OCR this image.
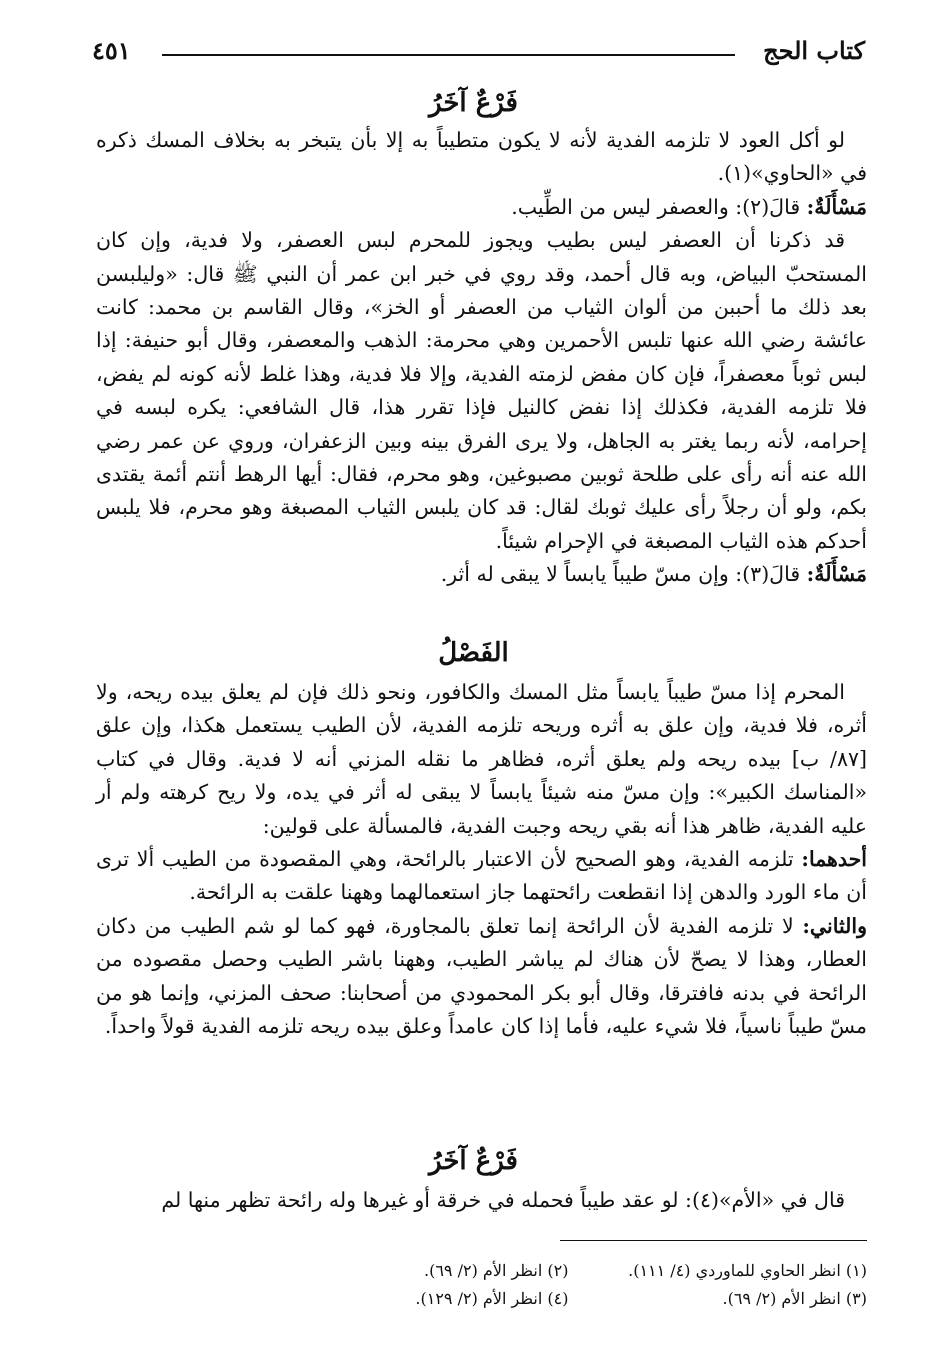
كتاب الحج
٤٥١
فَرْعٌ آخَرُ

لو أكل العود لا تلزمه الفدية لأنه لا يكون متطيباً به إلا بأن يتبخر به بخلاف المسك ذكره في «الحاوي»(١).

مَسْأَلَةٌ: قالَ(٢): والعصفر ليس من الطِّيب.

قد ذكرنا أن العصفر ليس بطيب ويجوز للمحرم لبس العصفر، ولا فدية، وإن كان المستحبّ البياض، وبه قال أحمد، وقد روي في خبر ابن عمر أن النبي ﷺ قال: «وليلبسن بعد ذلك ما أحببن من ألوان الثياب من العصفر أو الخز»، وقال القاسم بن محمد: كانت عائشة رضي الله عنها تلبس الأحمرين وهي محرمة: الذهب والمعصفر، وقال أبو حنيفة: إذا لبس ثوباً معصفراً، فإن كان مفض لزمته الفدية، وإلا فلا فدية، وهذا غلط لأنه كونه لم يفض، فلا تلزمه الفدية، فكذلك إذا نفض كالنيل فإذا تقرر هذا، قال الشافعي: يكره لبسه في إحرامه، لأنه ربما يغتر به الجاهل، ولا يرى الفرق بينه وبين الزعفران، وروي عن عمر رضي الله عنه أنه رأى على طلحة ثوبين مصبوغين، وهو محرم، فقال: أيها الرهط أنتم أئمة يقتدى بكم، ولو أن رجلاً رأى عليك ثوبك لقال: قد كان يلبس الثياب المصبغة وهو محرم، فلا يلبس أحدكم هذه الثياب المصبغة في الإحرام شيئاً.

مَسْأَلَةٌ: قالَ(٣): وإن مسّ طيباً يابساً لا يبقى له أثر.

الفَصْلُ

المحرم إذا مسّ طيباً يابساً مثل المسك والكافور، ونحو ذلك فإن لم يعلق بيده ريحه، ولا أثره، فلا فدية، وإن علق به أثره وريحه تلزمه الفدية، لأن الطيب يستعمل هكذا، وإن علق [٨٧/ ب] بيده ريحه ولم يعلق أثره، فظاهر ما نقله المزني أنه لا فدية. وقال في كتاب «المناسك الكبير»: وإن مسّ منه شيئاً يابساً لا يبقى له أثر في يده، ولا ريح كرهته ولم أر عليه الفدية، ظاهر هذا أنه بقي ريحه وجبت الفدية، فالمسألة على قولين:

أحدهما: تلزمه الفدية، وهو الصحيح لأن الاعتبار بالرائحة، وهي المقصودة من الطيب ألا ترى أن ماء الورد والدهن إذا انقطعت رائحتهما جاز استعمالهما وههنا علقت به الرائحة.

والثاني: لا تلزمه الفدية لأن الرائحة إنما تعلق بالمجاورة، فهو كما لو شم الطيب من دكان العطار، وهذا لا يصحّ لأن هناك لم يباشر الطيب، وههنا باشر الطيب وحصل مقصوده من الرائحة في بدنه فافترقا، وقال أبو بكر المحمودي من أصحابنا: صحف المزني، وإنما هو من مسّ طيباً ناسياً، فلا شيء عليه، فأما إذا كان عامداً وعلق بيده ريحه تلزمه الفدية قولاً واحداً.

فَرْعٌ آخَرُ

قال في «الأم»(٤): لو عقد طيباً فحمله في خرقة أو غيرها وله رائحة تظهر منها لم

(١) انظر الحاوي للماوردي (٤/ ١١١).
(٢) انظر الأم (٢/ ٦٩).
(٣) انظر الأم (٢/ ٦٩).
(٤) انظر الأم (٢/ ١٢٩).
